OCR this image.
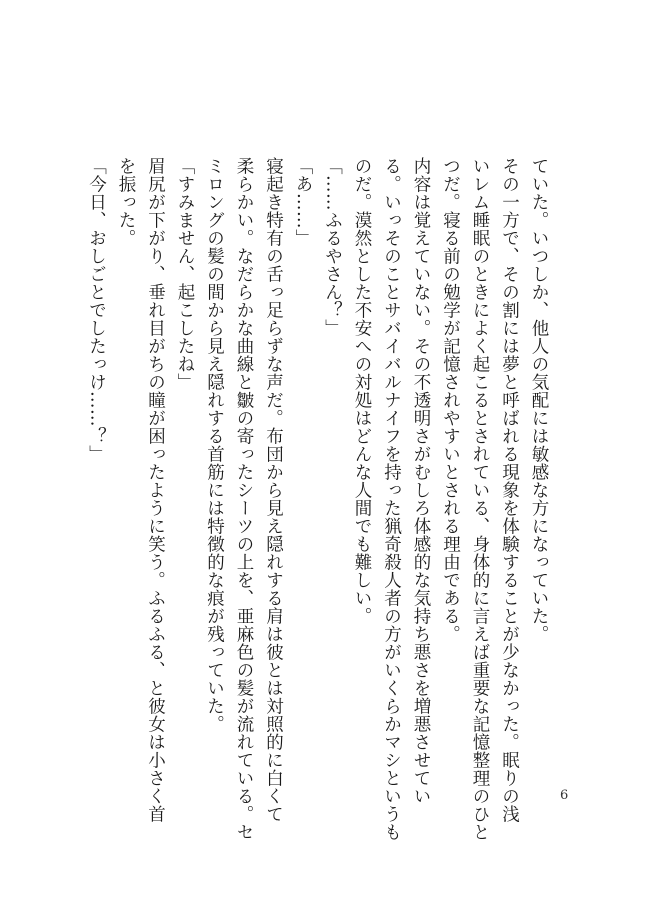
ていた。いつしか、他人の気配には敏感な方になっていた。
その一方で、その割には夢と呼ばれる現象を体験することが少なかった。眠りの浅
いレム睡眠のときによく起こるとされている、身体的に言えば重要な記憶整理のひと
つだ。寝る前の勉学が記憶されやすいとされる理由である。
内容は覚えていない。その不透明さがむしろ体感的な気持ち悪さを増悪させてい
る。いっそのことサバイバルナイフを持った猟奇殺人者の方がいくらかマシというも
のだ。漠然とした不安への対処はどんな人間でも難しい。
「……ふるやさん？」
「あ……」
寝起き特有の舌っ足らずな声だ。布団から見え隠れする肩は彼とは対照的に白くて
柔らかい。なだらかな曲線と皺の寄ったシーツの上を、亜麻色の髪が流れている。セ
ミロングの髪の間から見え隠れする首筋には特徴的な痕が残っていた。
「すみません、起こしたね」
眉尻が下がり、垂れ目がちの瞳が困ったように笑う。ふるふる、と彼女は小さく首
を振った。
「今日、おしごとでしたっけ……？」
6
